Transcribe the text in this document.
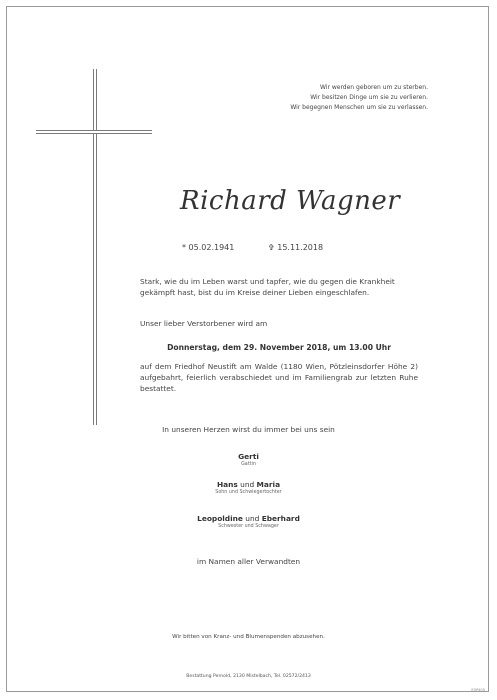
Wir werden geboren um zu sterben.
Wir besitzen Dinge um sie zu verlieren.
Wir begegnen Menschen um sie zu verlassen.
Richard Wagner
* 05.02.1941	✞ 15.11.2018
Stark, wie du im Leben warst und tapfer, wie du gegen die Krankheit gekämpft hast, bist du im Kreise deiner Lieben eingeschlafen.
Unser lieber Verstorbener wird am
Donnerstag, dem 29. November 2018, um 13.00 Uhr
auf dem Friedhof Neustift am Walde (1180 Wien, Pötzleinsdorfer Höhe 2) aufgebahrt, feierlich verabschiedet und im Familiengrab zur letzten Ruhe bestattet.
In unseren Herzen wirst du immer bei uns sein
Gerti
Gattin
Hans und Maria
Sohn und Schwiegertochter
Leopoldine und Eberhard
Schwester und Schwager
im Namen aller Verwandten
Wir bitten von Kranz- und Blumenspenden abzusehen.
Bestattung Pernold, 2130 Mistelbach, Tel. 02572/2413
E0P405
